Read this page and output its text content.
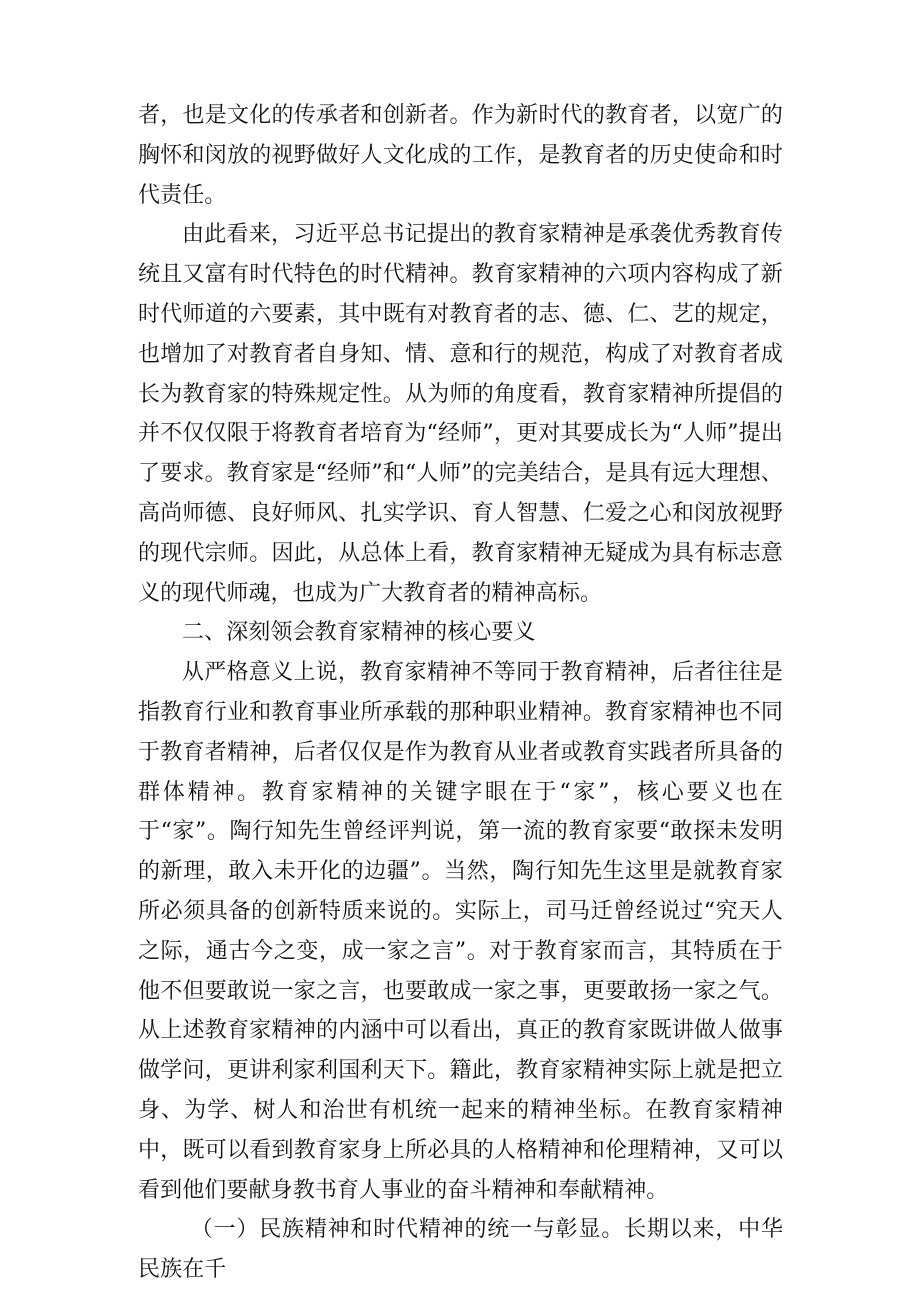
者，也是文化的传承者和创新者。作为新时代的教育者，以宽广的胸怀和闵放的视野做好人文化成的工作，是教育者的历史使命和时代责任。

由此看来，习近平总书记提出的教育家精神是承袭优秀教育传统且又富有时代特色的时代精神。教育家精神的六项内容构成了新时代师道的六要素，其中既有对教育者的志、德、仁、艺的规定，也增加了对教育者自身知、情、意和行的规范，构成了对教育者成长为教育家的特殊规定性。从为师的角度看，教育家精神所提倡的并不仅仅限于将教育者培育为“经师”，更对其要成长为“人师”提出了要求。教育家是“经师”和“人师”的完美结合，是具有远大理想、高尚师德、良好师风、扎实学识、育人智慧、仁爱之心和闵放视野的现代宗师。因此，从总体上看，教育家精神无疑成为具有标志意义的现代师魂，也成为广大教育者的精神高标。

二、深刻领会教育家精神的核心要义

从严格意义上说，教育家精神不等同于教育精神，后者往往是指教育行业和教育事业所承载的那种职业精神。教育家精神也不同于教育者精神，后者仅仅是作为教育从业者或教育实践者所具备的群体精神。教育家精神的关键字眼在于“家”，核心要义也在于“家”。陶行知先生曾经评判说，第一流的教育家要“敢探未发明的新理，敢入未开化的边疆”。当然，陶行知先生这里是就教育家所必须具备的创新特质来说的。实际上，司马迁曾经说过“究天人之际，通古今之变，成一家之言”。对于教育家而言，其特质在于他不但要敢说一家之言，也要敢成一家之事，更要敢扬一家之气。从上述教育家精神的内涵中可以看出，真正的教育家既讲做人做事做学问，更讲利家利国利天下。籍此，教育家精神实际上就是把立身、为学、树人和治世有机统一起来的精神坐标。在教育家精神中，既可以看到教育家身上所必具的人格精神和伦理精神，又可以看到他们要献身教书育人事业的奋斗精神和奉献精神。

（一）民族精神和时代精神的统一与彰显。长期以来，中华民族在千
